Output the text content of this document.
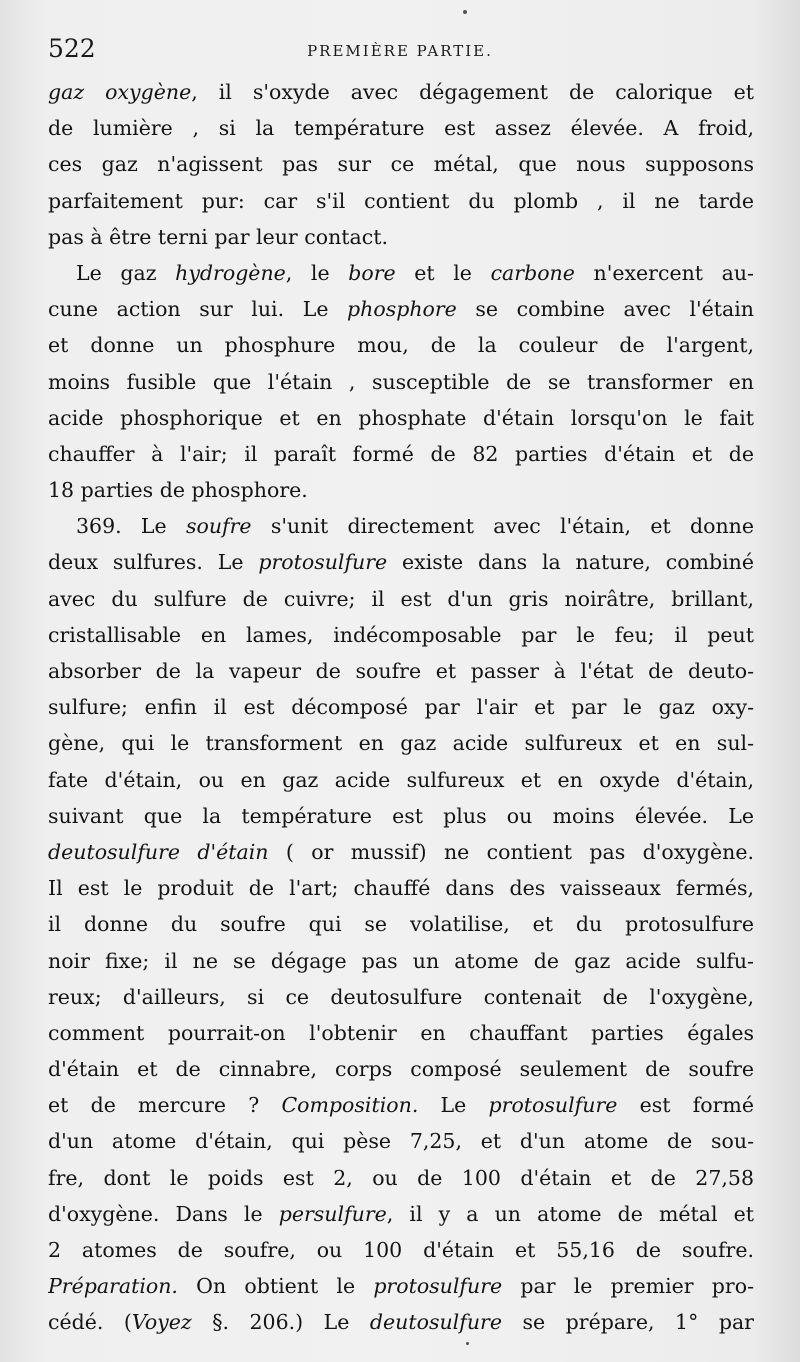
522	PREMIÈRE PARTIE.
gaz oxygène, il s'oxyde avec dégagement de calorique et
de lumière , si la température est assez élevée. A froid,
ces gaz n'agissent pas sur ce métal, que nous supposons
parfaitement pur: car s'il contient du plomb , il ne tarde
pas à être terni par leur contact.
Le gaz hydrogène, le bore et le carbone n'exercent au-
cune action sur lui. Le phosphore se combine avec l'étain
et donne un phosphure mou, de la couleur de l'argent,
moins fusible que l'étain , susceptible de se transformer en
acide phosphorique et en phosphate d'étain lorsqu'on le fait
chauffer à l'air; il paraît formé de 82 parties d'étain et de
18 parties de phosphore.
369. Le soufre s'unit directement avec l'étain, et donne
deux sulfures. Le protosulfure existe dans la nature, combiné
avec du sulfure de cuivre; il est d'un gris noirâtre, brillant,
cristallisable en lames, indécomposable par le feu; il peut
absorber de la vapeur de soufre et passer à l'état de deuto-
sulfure; enfin il est décomposé par l'air et par le gaz oxy-
gène, qui le transforment en gaz acide sulfureux et en sul-
fate d'étain, ou en gaz acide sulfureux et en oxyde d'étain,
suivant que la température est plus ou moins élevée. Le
deutosulfure d'étain ( or mussif) ne contient pas d'oxygène.
Il est le produit de l'art; chauffé dans des vaisseaux fermés,
il donne du soufre qui se volatilise, et du protosulfure
noir fixe; il ne se dégage pas un atome de gaz acide sulfu-
reux; d'ailleurs, si ce deutosulfure contenait de l'oxygène,
comment pourrait-on l'obtenir en chauffant parties égales
d'étain et de cinnabre, corps composé seulement de soufre
et de mercure ? Composition. Le protosulfure est formé
d'un atome d'étain, qui pèse 7,25, et d'un atome de sou-
fre, dont le poids est 2, ou de 100 d'étain et de 27,58
d'oxygène. Dans le persulfure, il y a un atome de métal et
2 atomes de soufre, ou 100 d'étain et 55,16 de soufre.
Préparation. On obtient le protosulfure par le premier pro-
cédé. (Voyez §. 206.) Le deutosulfure se prépare, 1° par
